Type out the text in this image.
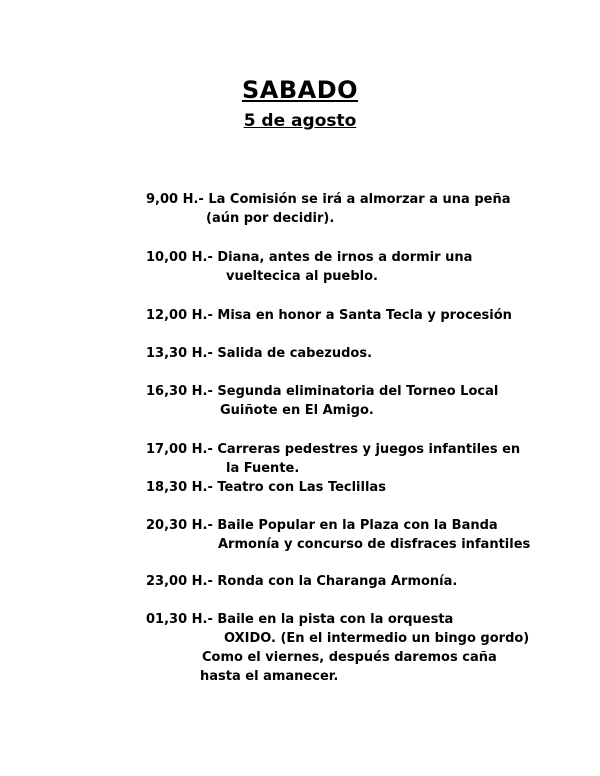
SABADO
5 de agosto
9,00 H.- La Comisión se irá a almorzar a una peña
(aún por decidir).
10,00 H.- Diana, antes de irnos a dormir una
vueltecica al pueblo.
12,00 H.- Misa en honor a Santa Tecla y procesión
13,30 H.- Salida de cabezudos.
16,30 H.- Segunda eliminatoria del Torneo Local
Guiñote en El Amigo.
17,00 H.- Carreras pedestres y juegos infantiles en
la Fuente.
18,30 H.- Teatro con Las Teclillas
20,30 H.- Baile Popular en la Plaza con la Banda
Armonía y concurso de disfraces infantiles
23,00 H.- Ronda con la Charanga Armonía.
01,30 H.- Baile en la pista con la orquesta
OXIDO. (En el intermedio un bingo gordo)
Como el viernes, después daremos caña
hasta el amanecer.
